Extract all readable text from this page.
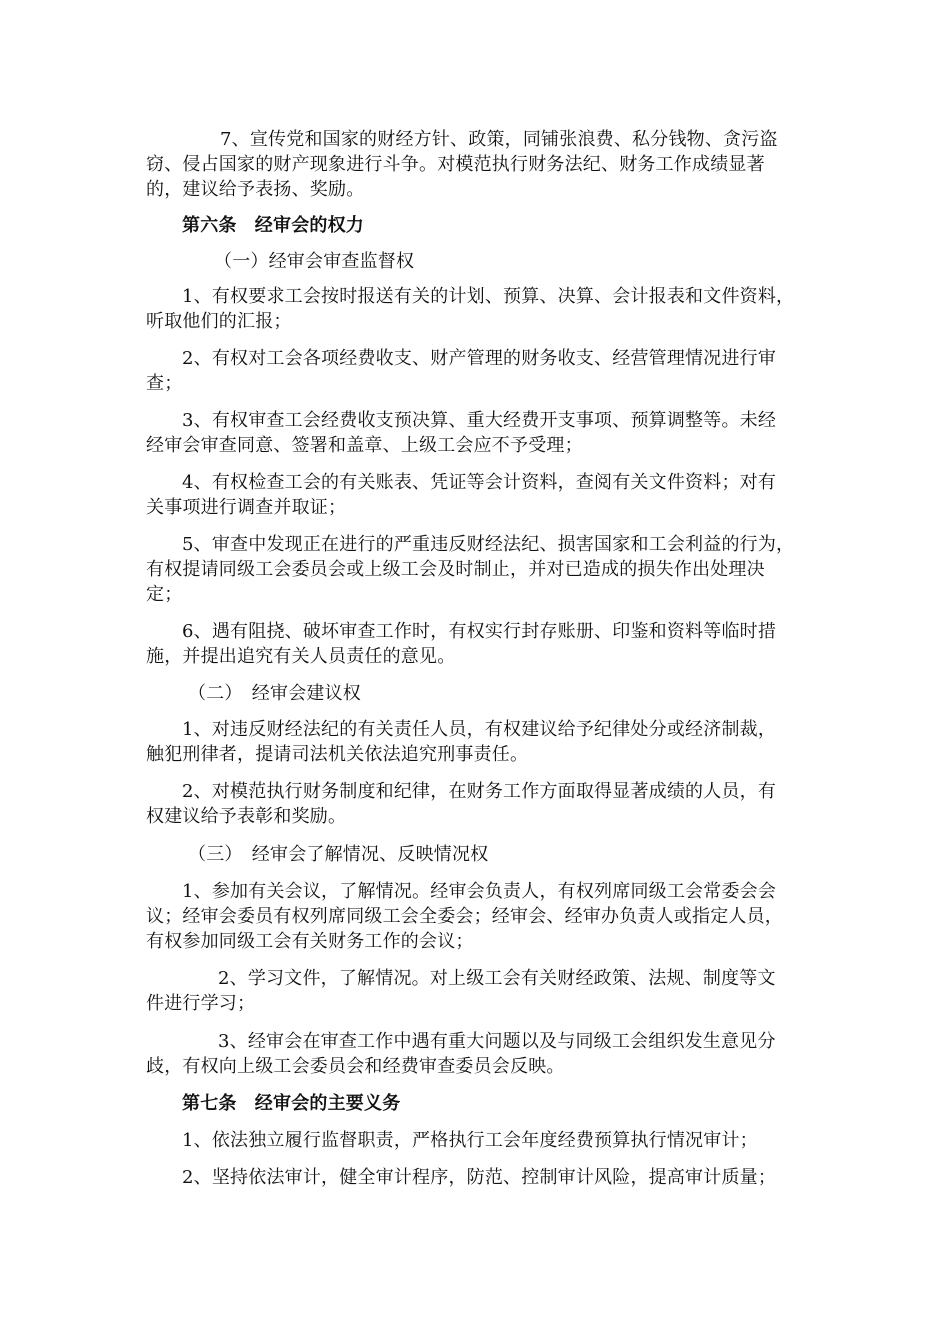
7、宣传党和国家的财经方针、政策，同铺张浪费、私分钱物、贪污盗
窃、侵占国家的财产现象进行斗争。对模范执行财务法纪、财务工作成绩显著
的，建议给予表扬、奖励。
第六条　经审会的权力
（一）经审会审查监督权
1、有权要求工会按时报送有关的计划、预算、决算、会计报表和文件资料，
听取他们的汇报；
2、有权对工会各项经费收支、财产管理的财务收支、经营管理情况进行审
查；
3、有权审查工会经费收支预决算、重大经费开支事项、预算调整等。未经
经审会审查同意、签署和盖章、上级工会应不予受理；
4、有权检查工会的有关账表、凭证等会计资料，查阅有关文件资料；对有
关事项进行调查并取证；
5、审查中发现正在进行的严重违反财经法纪、损害国家和工会利益的行为，
有权提请同级工会委员会或上级工会及时制止，并对已造成的损失作出处理决
定；
6、遇有阻挠、破坏审查工作时，有权实行封存账册、印鉴和资料等临时措
施，并提出追究有关人员责任的意见。
（二）　经审会建议权
1、对违反财经法纪的有关责任人员，有权建议给予纪律处分或经济制裁，
触犯刑律者，提请司法机关依法追究刑事责任。
2、对模范执行财务制度和纪律，在财务工作方面取得显著成绩的人员，有
权建议给予表彰和奖励。
（三）　经审会了解情况、反映情况权
1、参加有关会议，了解情况。经审会负责人，有权列席同级工会常委会会
议；经审会委员有权列席同级工会全委会；经审会、经审办负责人或指定人员，
有权参加同级工会有关财务工作的会议；
2、学习文件，了解情况。对上级工会有关财经政策、法规、制度等文
件进行学习；
3、经审会在审查工作中遇有重大问题以及与同级工会组织发生意见分
歧，有权向上级工会委员会和经费审查委员会反映。
第七条　经审会的主要义务
1、依法独立履行监督职责，严格执行工会年度经费预算执行情况审计；
2、坚持依法审计，健全审计程序，防范、控制审计风险，提高审计质量；
